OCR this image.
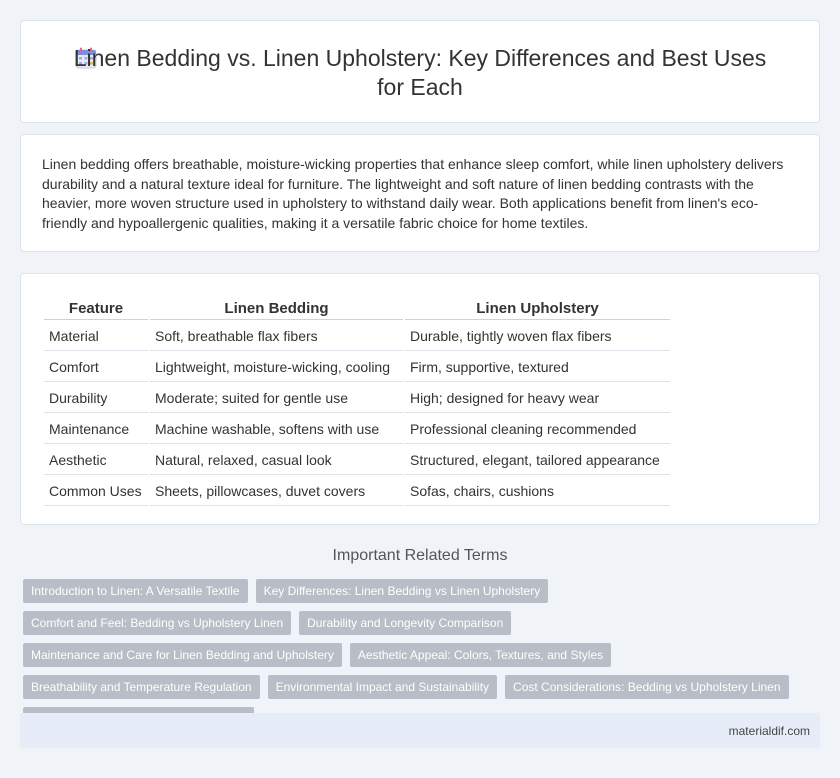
Linen Bedding vs. Linen Upholstery: Key Differences and Best Uses for Each

Linen bedding offers breathable, moisture-wicking properties that enhance sleep comfort, while linen upholstery delivers durability and a natural texture ideal for furniture. The lightweight and soft nature of linen bedding contrasts with the heavier, more woven structure used in upholstery to withstand daily wear. Both applications benefit from linen's eco-friendly and hypoallergenic qualities, making it a versatile fabric choice for home textiles.

Feature	Linen Bedding	Linen Upholstery
Material	Soft, breathable flax fibers	Durable, tightly woven flax fibers
Comfort	Lightweight, moisture-wicking, cooling	Firm, supportive, textured
Durability	Moderate; suited for gentle use	High; designed for heavy wear
Maintenance	Machine washable, softens with use	Professional cleaning recommended
Aesthetic	Natural, relaxed, casual look	Structured, elegant, tailored appearance
Common Uses	Sheets, pillowcases, duvet covers	Sofas, chairs, cushions
Important Related Terms
Introduction to Linen: A Versatile Textile	Key Differences: Linen Bedding vs Linen Upholstery
Comfort and Feel: Bedding vs Upholstery Linen	Durability and Longevity Comparison
Maintenance and Care for Linen Bedding and Upholstery	Aesthetic Appeal: Colors, Textures, and Styles
Breathability and Temperature Regulation	Environmental Impact and Sustainability	Cost Considerations: Bedding vs Upholstery Linen
materialdif.com
